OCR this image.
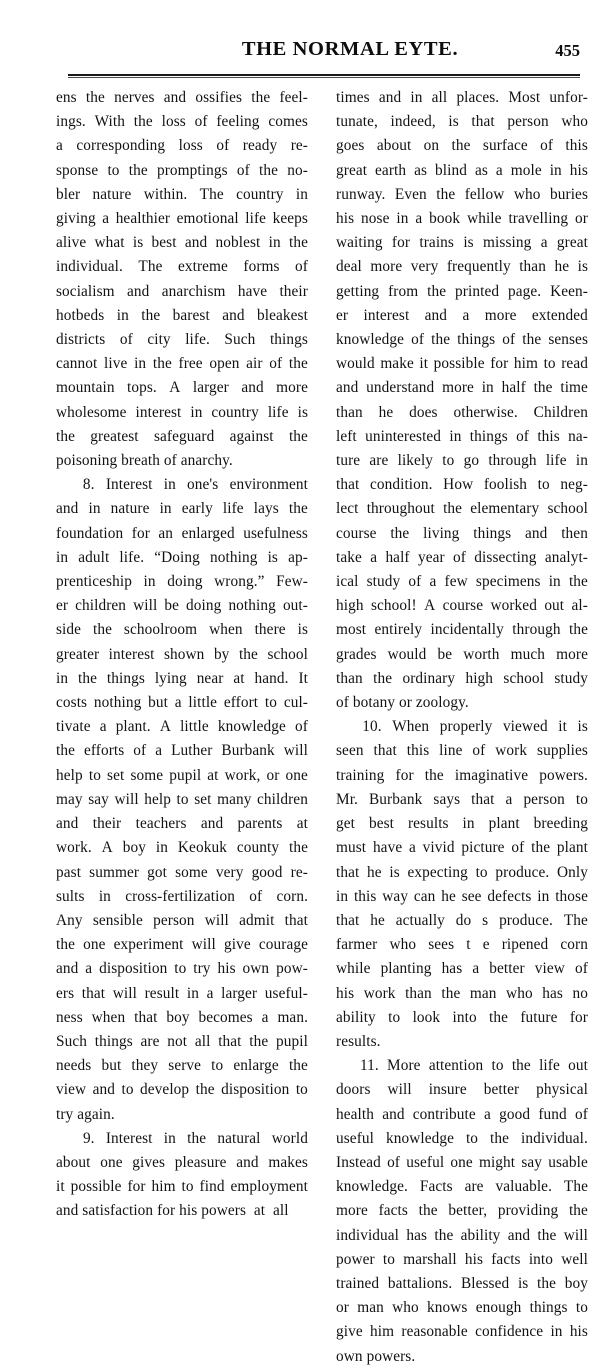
THE NORMAL EYTE.	455
ens the nerves and ossifies the feel-
ings. With the loss of feeling comes
a corresponding loss of ready re-
sponse to the promptings of the no-
bler nature within. The country in
giving a healthier emotional life keeps
alive what is best and noblest in the
individual. The extreme forms of
socialism and anarchism have their
hotbeds in the barest and bleakest
districts of city life. Such things
cannot live in the free open air of the
mountain tops. A larger and more
wholesome interest in country life is
the greatest safeguard against the
poisoning breath of anarchy.

8. Interest in one's environment
and in nature in early life lays the
foundation for an enlarged usefulness
in adult life. “Doing nothing is ap-
prenticeship in doing wrong.” Few-
er children will be doing nothing out-
side the schoolroom when there is
greater interest shown by the school
in the things lying near at hand. It
costs nothing but a little effort to cul-
tivate a plant. A little knowledge of
the efforts of a Luther Burbank will
help to set some pupil at work, or one
may say will help to set many children
and their teachers and parents at
work. A boy in Keokuk county the
past summer got some very good re-
sults in cross-fertilization of corn.
Any sensible person will admit that
the one experiment will give courage
and a disposition to try his own pow-
ers that will result in a larger useful-
ness when that boy becomes a man.
Such things are not all that the pupil
needs but they serve to enlarge the
view and to develop the disposition to
try again.

9. Interest in the natural world
about one gives pleasure and makes
it possible for him to find employment
and satisfaction for his powers  at  all
times and in all places. Most unfor-
tunate, indeed, is that person who
goes about on the surface of this
great earth as blind as a mole in his
runway. Even the fellow who buries
his nose in a book while travelling or
waiting for trains is missing a great
deal more very frequently than he is
getting from the printed page. Keen-
er interest and a more extended
knowledge of the things of the senses
would make it possible for him to read
and understand more in half the time
than he does otherwise. Children
left uninterested in things of this na-
ture are likely to go through life in
that condition. How foolish to neg-
lect throughout the elementary school
course the living things and then
take a half year of dissecting analyt-
ical study of a few specimens in the
high school! A course worked out al-
most entirely incidentally through the
grades would be worth much more
than the ordinary high school study
of botany or zoology.

10. When properly viewed it is
seen that this line of work supplies
training for the imaginative powers.
Mr. Burbank says that a person to
get best results in plant breeding
must have a vivid picture of the plant
that he is expecting to produce. Only
in this way can he see defects in those
that he actually do s produce. The
farmer who sees t e ripened corn
while planting has a better view of
his work than the man who has no
ability to look into the future for
results.

11. More attention to the life out
doors will insure better physical
health and contribute a good fund of
useful knowledge to the individual.
Instead of useful one might say usable
knowledge. Facts are valuable. The
more facts the better, providing the
individual has the ability and the will
power to marshall his facts into well
trained battalions. Blessed is the boy
or man who knows enough things to
give him reasonable confidence in his
own powers.
